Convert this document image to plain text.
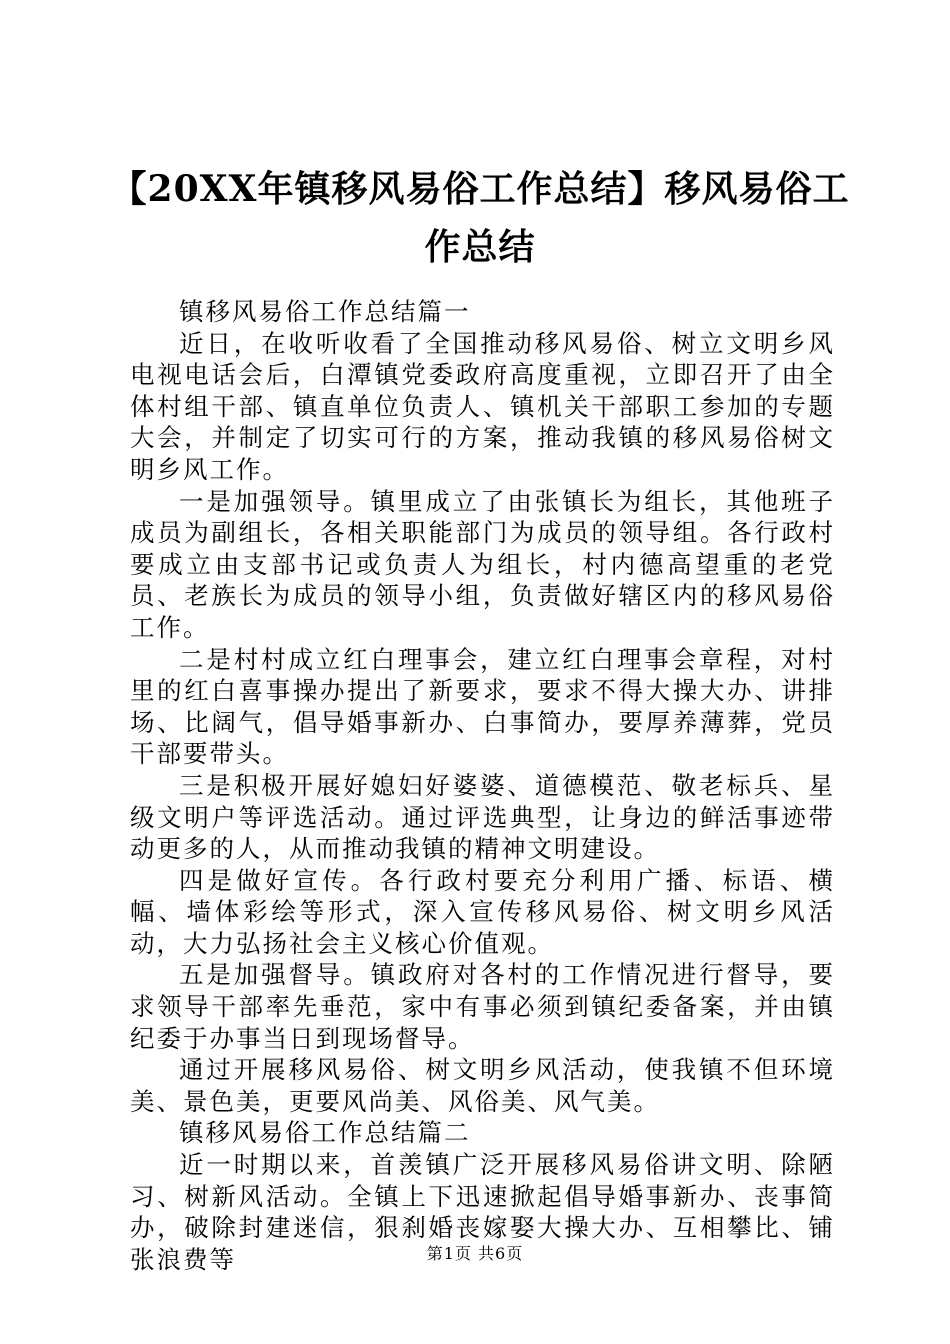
【20XX年镇移风易俗工作总结】移风易俗工作总结

镇移风易俗工作总结篇一

近日，在收听收看了全国推动移风易俗、树立文明乡风电视电话会后，白潭镇党委政府高度重视，立即召开了由全体村组干部、镇直单位负责人、镇机关干部职工参加的专题大会，并制定了切实可行的方案，推动我镇的移风易俗树文明乡风工作。

一是加强领导。镇里成立了由张镇长为组长，其他班子成员为副组长，各相关职能部门为成员的领导组。各行政村要成立由支部书记或负责人为组长，村内德高望重的老党员、老族长为成员的领导小组，负责做好辖区内的移风易俗工作。

二是村村成立红白理事会，建立红白理事会章程，对村里的红白喜事操办提出了新要求，要求不得大操大办、讲排场、比阔气，倡导婚事新办、白事简办，要厚养薄葬，党员干部要带头。

三是积极开展好媳妇好婆婆、道德模范、敬老标兵、星级文明户等评选活动。通过评选典型，让身边的鲜活事迹带动更多的人，从而推动我镇的精神文明建设。

四是做好宣传。各行政村要充分利用广播、标语、横幅、墙体彩绘等形式，深入宣传移风易俗、树文明乡风活动，大力弘扬社会主义核心价值观。

五是加强督导。镇政府对各村的工作情况进行督导，要求领导干部率先垂范，家中有事必须到镇纪委备案，并由镇纪委于办事当日到现场督导。

通过开展移风易俗、树文明乡风活动，使我镇不但环境美、景色美，更要风尚美、风俗美、风气美。

镇移风易俗工作总结篇二

近一时期以来，首羡镇广泛开展移风易俗讲文明、除陋习、树新风活动。全镇上下迅速掀起倡导婚事新办、丧事简办，破除封建迷信，狠刹婚丧嫁娶大操大办、互相攀比、铺张浪费等	第1页 共6页
